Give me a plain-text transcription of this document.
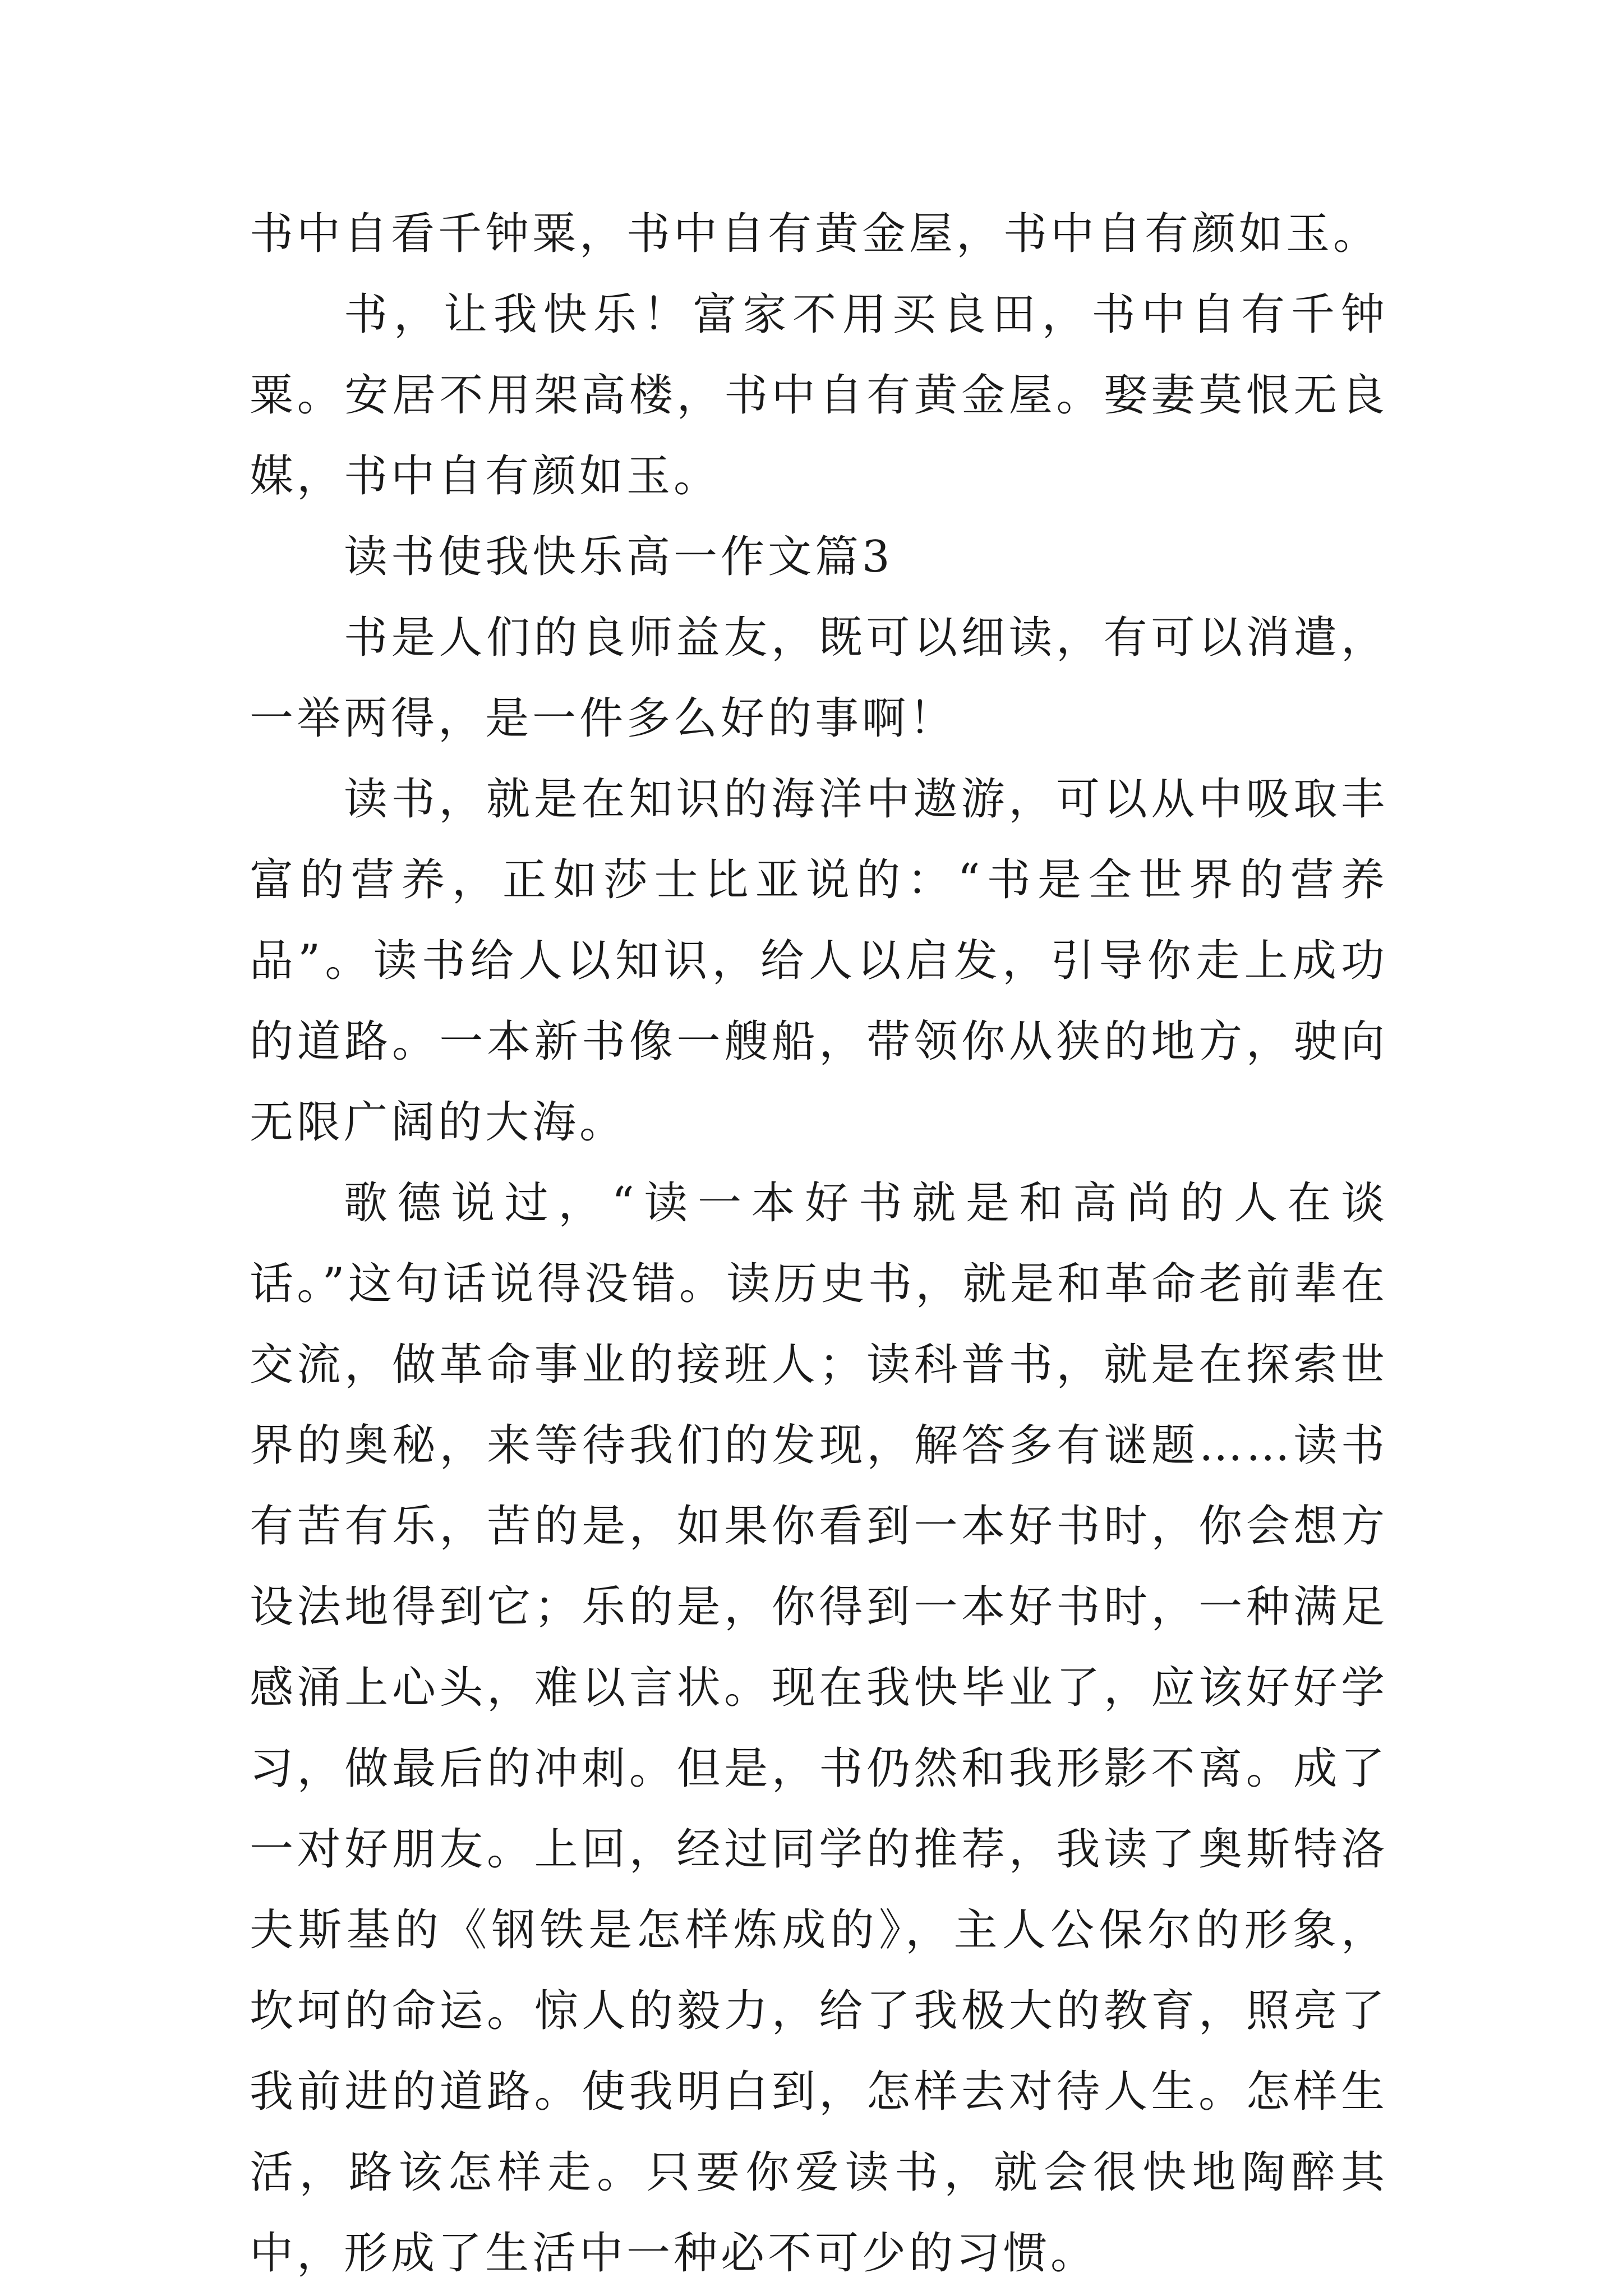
书中自看千钟粟，书中自有黄金屋，书中自有颜如玉。

书，让我快乐！富家不用买良田，书中自有千钟粟。安居不用架高楼，书中自有黄金屋。娶妻莫恨无良媒，书中自有颜如玉。

读书使我快乐高一作文篇3

书是人们的良师益友，既可以细读，有可以消遣，一举两得，是一件多么好的事啊！

读书，就是在知识的海洋中遨游，可以从中吸取丰富的营养，正如莎士比亚说的：“书是全世界的营养品”。读书给人以知识，给人以启发，引导你走上成功的道路。一本新书像一艘船，带领你从狭的地方，驶向无限广阔的大海。

歌德说过，“读一本好书就是和高尚的人在谈话。”这句话说得没错。读历史书，就是和革命老前辈在交流，做革命事业的接班人；读科普书，就是在探索世界的奥秘，来等待我们的发现，解答多有谜题……读书有苦有乐，苦的是，如果你看到一本好书时，你会想方设法地得到它；乐的是，你得到一本好书时，一种满足感涌上心头，难以言状。现在我快毕业了，应该好好学习，做最后的冲刺。但是，书仍然和我形影不离。成了一对好朋友。上回，经过同学的推荐，我读了奥斯特洛夫斯基的《钢铁是怎样炼成的》，主人公保尔的形象，坎坷的命运。惊人的毅力，给了我极大的教育，照亮了我前进的道路。使我明白到，怎样去对待人生。怎样生活，路该怎样走。只要你爱读书，就会很快地陶醉其中，形成了生活中一种必不可少的习惯。
